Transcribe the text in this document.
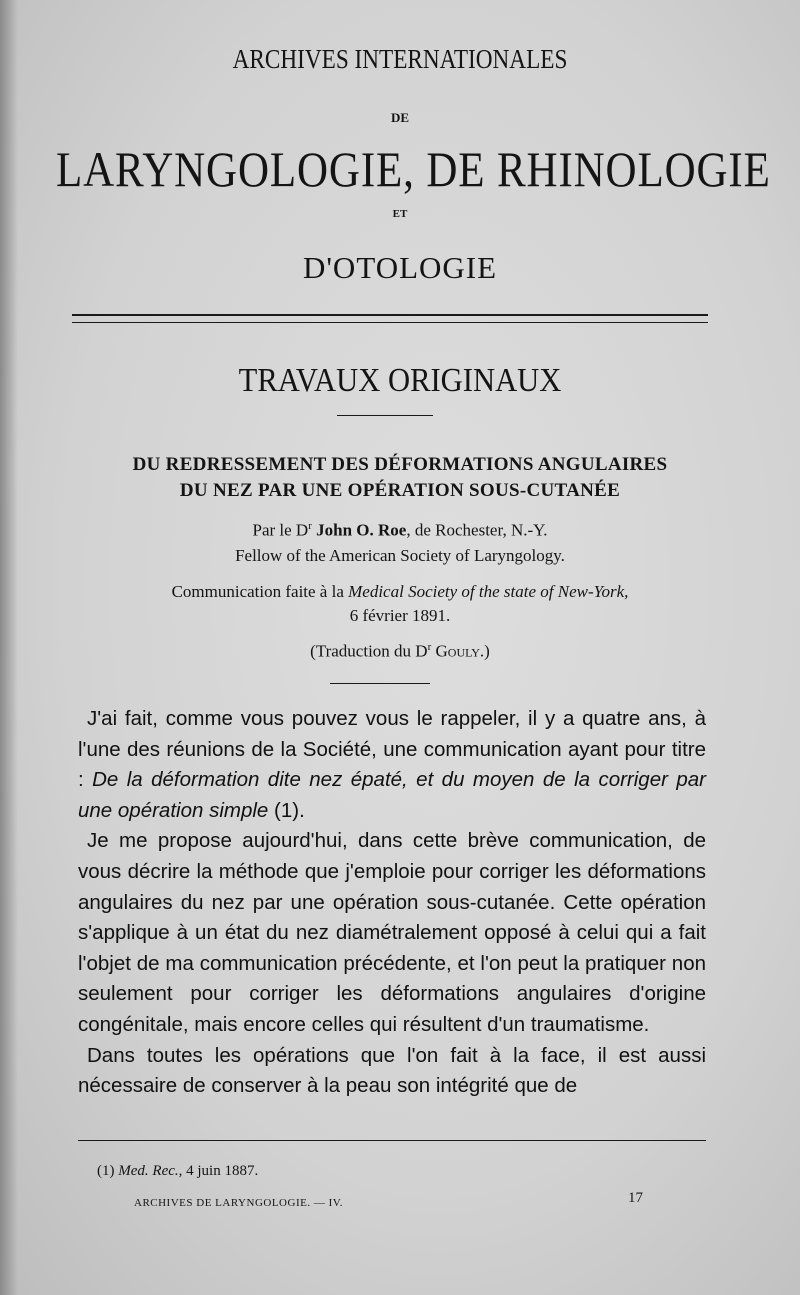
ARCHIVES INTERNATIONALES
DE
LARYNGOLOGIE, DE RHINOLOGIE
ET
D'OTOLOGIE
TRAVAUX ORIGINAUX
DU REDRESSEMENT DES DÉFORMATIONS ANGULAIRES
DU NEZ PAR UNE OPÉRATION SOUS-CUTANÉE
Par le $D^r$ John O. Roe, de Rochester, N.-Y.
Fellow of the American Society of Laryngology.
Communication faite à la Medical Society of the state of New-York,
6 février 1891.
(Traduction du $D^r$ Gouly.)

J'ai fait, comme vous pouvez vous le rappeler, il y a quatre ans, à l'une des réunions de la Société, une communication ayant pour titre : De la déformation dite nez épaté, et du moyen de la corriger par une opération simple (1).

Je me propose aujourd'hui, dans cette brève communication, de vous décrire la méthode que j'emploie pour corriger les déformations angulaires du nez par une opération sous-cutanée. Cette opération s'applique à un état du nez diamétralement opposé à celui qui a fait l'objet de ma communication précédente, et l'on peut la pratiquer non seulement pour corriger les déformations angulaires d'origine congénitale, mais encore celles qui résultent d'un traumatisme.

Dans toutes les opérations que l'on fait à la face, il est aussi nécessaire de conserver à la peau son intégrité que de

(1) Med. Rec., 4 juin 1887.
ARCHIVES DE LARYNGOLOGIE. — IV.	17
